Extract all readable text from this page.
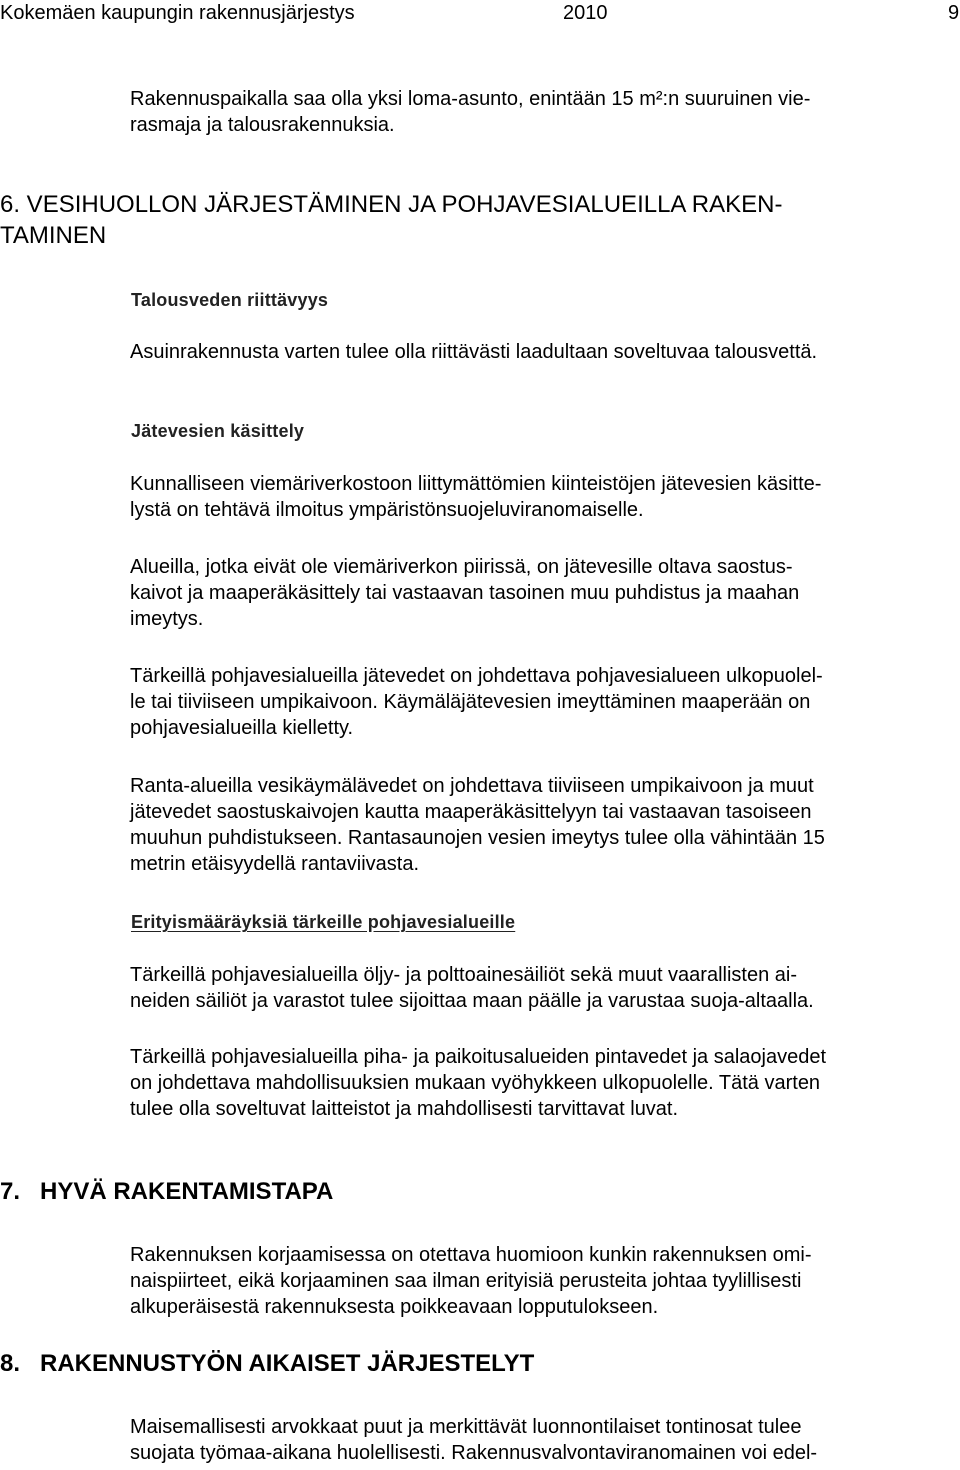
Kokemäen kaupungin rakennusjärjestys	2010	9

Rakennuspaikalla saa olla yksi loma-asunto, enintään 15 m²:n suuruinen vie-
rasmaja ja talousrakennuksia.

6. VESIHUOLLON JÄRJESTÄMINEN JA POHJAVESIALUEILLA RAKEN-
TAMINEN
Talousveden riittävyys

Asuinrakennusta varten tulee olla riittävästi laadultaan soveltuvaa talousvettä.

Jätevesien käsittely

Kunnalliseen viemäriverkostoon liittymättömien kiinteistöjen jätevesien käsitte-
lystä on tehtävä ilmoitus ympäristönsuojeluviranomaiselle.

Alueilla, jotka eivät ole viemäriverkon piirissä, on jätevesille oltava saostus-
kaivot ja maaperäkäsittely tai vastaavan tasoinen muu puhdistus ja maahan
imeytys.

Tärkeillä pohjavesialueilla jätevedet on johdettava pohjavesialueen ulkopuolel-
le tai tiiviiseen umpikaivoon. Käymäläjätevesien imeyttäminen maaperään on
pohjavesialueilla kielletty.

Ranta-alueilla vesikäymälävedet on johdettava tiiviiseen umpikaivoon ja muut
jätevedet saostuskaivojen kautta maaperäkäsittelyyn tai vastaavan tasoiseen
muuhun puhdistukseen. Rantasaunojen vesien imeytys tulee olla vähintään 15
metrin etäisyydellä rantaviivasta.

Erityismääräyksiä tärkeille pohjavesialueille

Tärkeillä pohjavesialueilla öljy- ja polttoainesäiliöt sekä muut vaarallisten ai-
neiden säiliöt ja varastot tulee sijoittaa maan päälle ja varustaa suoja-altaalla.

Tärkeillä pohjavesialueilla piha- ja paikoitusalueiden pintavedet ja salaojavedet
on johdettava mahdollisuuksien mukaan vyöhykkeen ulkopuolelle. Tätä varten
tulee olla soveltuvat laitteistot ja mahdollisesti tarvittavat luvat.

7. HYVÄ RAKENTAMISTAPA

Rakennuksen korjaamisessa on otettava huomioon kunkin rakennuksen omi-
naispiirteet, eikä korjaaminen saa ilman erityisiä perusteita johtaa tyylillisesti
alkuperäisestä rakennuksesta poikkeavaan lopputulokseen.

8. RAKENNUSTYÖN AIKAISET JÄRJESTELYT

Maisemallisesti arvokkaat puut ja merkittävät luonnontilaiset tontinosat tulee
suojata työmaa-aikana huolellisesti. Rakennusvalvontaviranomainen voi edel-
